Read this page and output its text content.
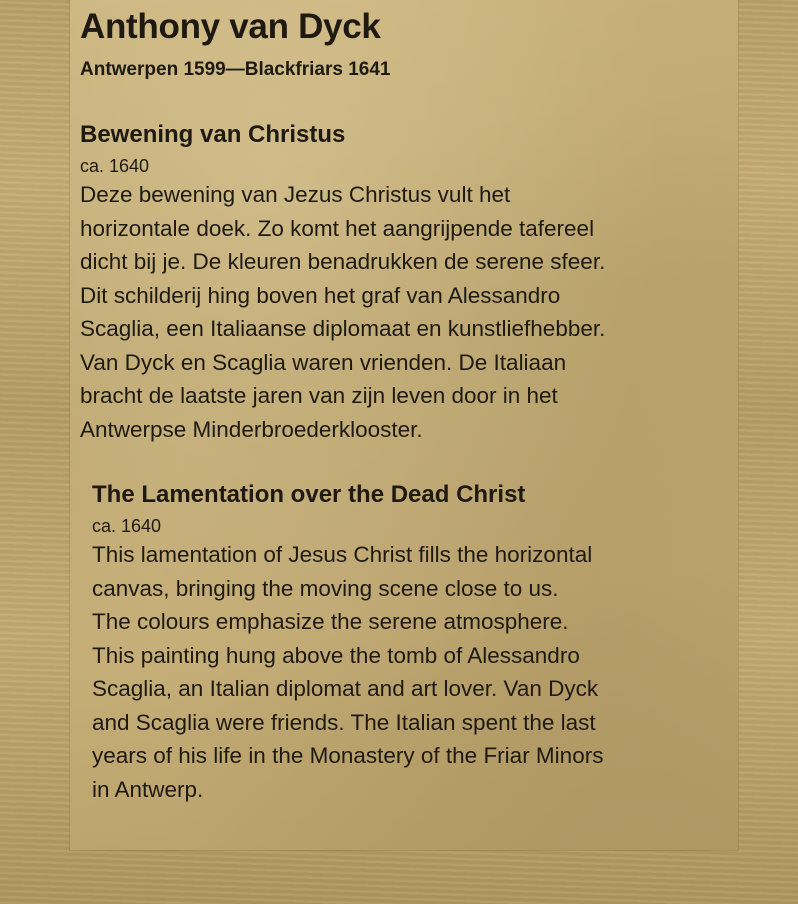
Anthony van Dyck

Antwerpen 1599—Blackfriars 1641

Bewening van Christus

ca. 1640

Deze bewening van Jezus Christus vult het
horizontale doek. Zo komt het aangrijpende tafereel
dicht bij je. De kleuren benadrukken de serene sfeer.
Dit schilderij hing boven het graf van Alessandro
Scaglia, een Italiaanse diplomaat en kunstliefhebber.
Van Dyck en Scaglia waren vrienden. De Italiaan
bracht de laatste jaren van zijn leven door in het
Antwerpse Minderbroederklooster.

The Lamentation over the Dead Christ

ca. 1640

This lamentation of Jesus Christ fills the horizontal
canvas, bringing the moving scene close to us.
The colours emphasize the serene atmosphere.
This painting hung above the tomb of Alessandro
Scaglia, an Italian diplomat and art lover. Van Dyck
and Scaglia were friends. The Italian spent the last
years of his life in the Monastery of the Friar Minors
in Antwerp.
